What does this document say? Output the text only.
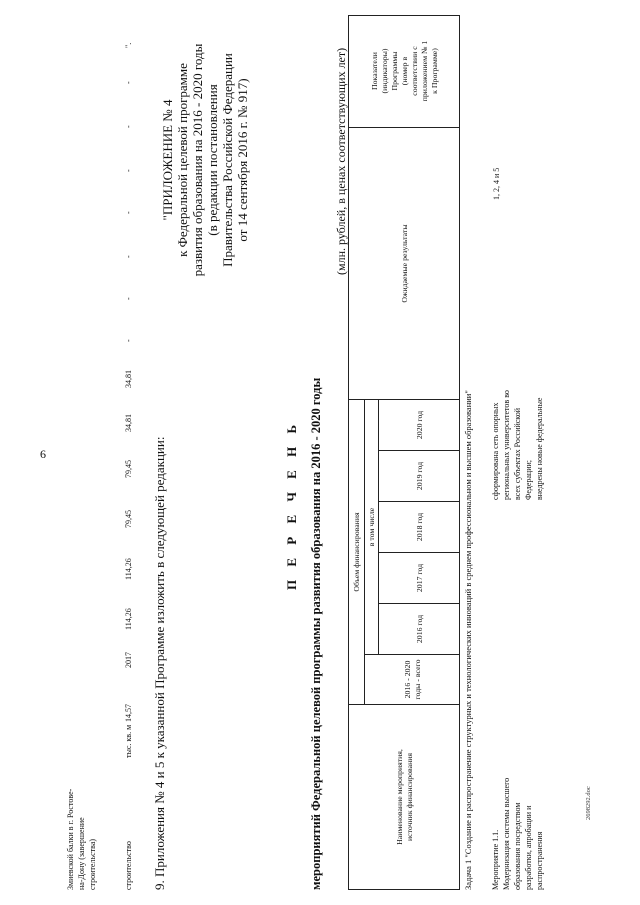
6
2698292.doc
Змиевской балки в г. Ростове- на-Дону (завершение строительства)	строительство
тыс. кв. м
14,57
2017
114,26
114,26
79,45
79,45
34,81
34,81
-
-
-
-
-
-
-
".
9. Приложения № 4 и 5 к указанной Программе изложить в следующей редакции:
"ПРИЛОЖЕНИЕ № 4 к Федеральной целевой программе развития образования на 2016 - 2020 годы (в редакции постановления Правительства Российской Федерации от 14 сентября 2016 г. № 917)
П Е Р Е Ч Е Н Ь мероприятий Федеральной целевой программы развития образования на 2016 - 2020 годы
(млн. рублей, в ценах соответствующих лет)
Наименование мероприятия, источник финансирования
Объем финансирования
2016 - 2020 годы - всего
в том числе
2016 год
2017 год
2018 год
2019 год
2020 год
Ожидаемые результаты
Показатели (индикаторы) Программы (номер в соответствии с приложением № 1 к Программе)
Задача 1 "Создание и распространение структурных и технологических инноваций в среднем профессиональном и высшем образовании" Мероприятие 1.1. Модернизация системы высшего образования посредством разработки, апробации и распространения
сформирована сеть опорных региональных университетов во всех субъектах Российской Федерации; внедрены новые федеральные
1, 2, 4 и 5
